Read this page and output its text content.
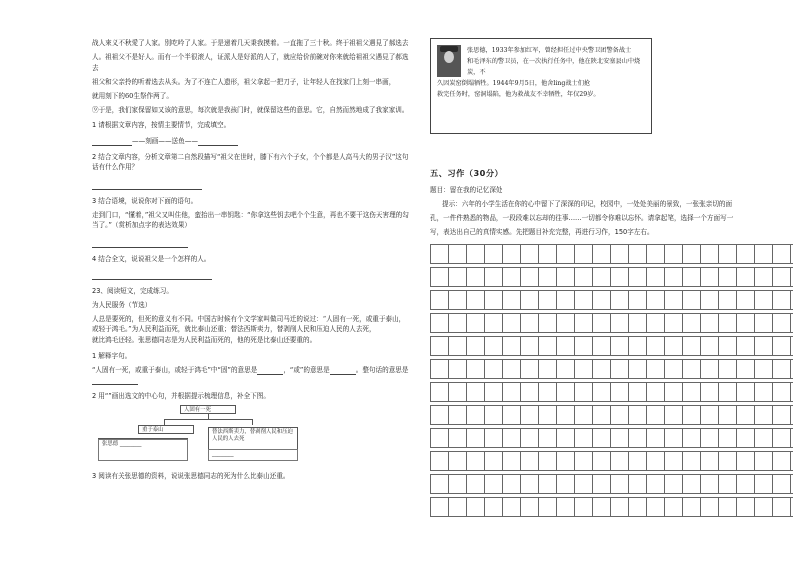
战人來义不秋愛了人家。別吃吟了人家。于是递着几天秉我摸着。一直拖了三十秋。终于祖祖父遇見了郝选去

人。祖祖父不是好人。而有一个半很滚人，证派人是好派的人了，就应给价前碗对你来就给祖祖父遇見了郝选去

祖父和父亲拎的听着选去从头。为了不连亡人遗形，祖父拿起一把刀子，让年轻人在找家门上刻一串画，

就用刻下的60生祭作两了。

⑨于是，我们家保留如又该的意思，每次就是我孩门时，就保留这些的意思。它，自然而然地成了我家家训。

1 请根据文章内容，按情主要情节，完成填空。

——刻画——送鱼——

2 结合文章内容，分析文章第二自然段描写“祖父在世时，膝下有六个子女，个个都是人高马大的男子汉”这句话有什么作用？

3 结合语境，说说你对下面的语句。

走到门口，“懂着，”祖父又叫住他，蛮抬出一串钥匙：“你拿这些钥去吧个个生意，再也不要干这伤天害理的勾当了。”（赏析加点字的表达效果）

4 结合全文，说说祖父是一个怎样的人。

23、阅读短文，完成练习。

为人民服务（节选）

人总是要死的，但死的意义有不同。中国古时候有个文学家叫做司马迁的说过：“人固有一死，或重于泰山，

或轻于鸿毛。”为人民利益而死，就比泰山还重；替法西斯卖力，替剥削人民和压迫人民的人去死，

就比鸿毛还轻。张思德同志是为人民利益而死的，他的死是比泰山还要重的。

1 解释字句。

“人固有一死，或重于泰山，或轻于鸿毛”中“固”的意思是	，“或”的意思是	。整句话的意思是

2 用“”画出选文的中心句，并根据提示梳理信息，补全下图。

人固有一死
重于泰山	替法西斯卖力，替剥削人民和压迫人民的人去死
张思德 ________
________

3 阅读有关张思德的资料，说说张思德同志的死为什么比泰山还重。

张思德，1933年参加红军，曾经担任过中央警卫团警备战士
和毛泽东的警卫员，在一次执行任务中，他在陕北安塞县山中烧炭，不
久因炭窑倒塌牺牲。1944年9月5日，他舍ling战士们抢
救完任务时，窑洞塌陷，他为救战友不幸牺牲，年仅29岁。

五、习作（30分）

题目：留在我的记忆深处

提示：六年的小学生活在你的心中留下了深深的印记，校园中，一处处美丽的景致，一张张亲切的面

孔，一件件熟悉的物品，一段段难以忘却的往事……一切都令你难以忘怀。请拿起笔，选择一个方面写一

写，表达出自己的真情实感。先把题目补充完整，再进行习作，150字左右。
